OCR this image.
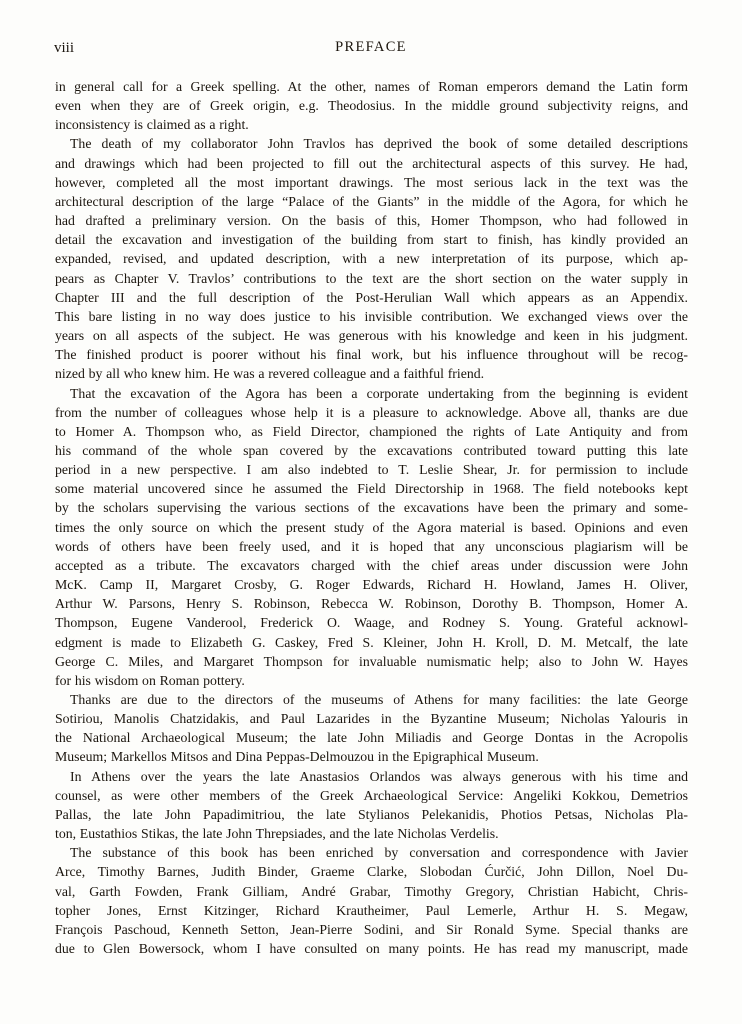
viii	PREFACE
in general call for a Greek spelling. At the other, names of Roman emperors demand the Latin form
even when they are of Greek origin, e.g. Theodosius. In the middle ground subjectivity reigns, and
inconsistency is claimed as a right.
The death of my collaborator John Travlos has deprived the book of some detailed descriptions
and drawings which had been projected to fill out the architectural aspects of this survey. He had,
however, completed all the most important drawings. The most serious lack in the text was the
architectural description of the large “Palace of the Giants” in the middle of the Agora, for which he
had drafted a preliminary version. On the basis of this, Homer Thompson, who had followed in
detail the excavation and investigation of the building from start to finish, has kindly provided an
expanded, revised, and updated description, with a new interpretation of its purpose, which ap-
pears as Chapter V. Travlos’ contributions to the text are the short section on the water supply in
Chapter III and the full description of the Post-Herulian Wall which appears as an Appendix.
This bare listing in no way does justice to his invisible contribution. We exchanged views over the
years on all aspects of the subject. He was generous with his knowledge and keen in his judgment.
The finished product is poorer without his final work, but his influence throughout will be recog-
nized by all who knew him. He was a revered colleague and a faithful friend.
That the excavation of the Agora has been a corporate undertaking from the beginning is evident
from the number of colleagues whose help it is a pleasure to acknowledge. Above all, thanks are due
to Homer A. Thompson who, as Field Director, championed the rights of Late Antiquity and from
his command of the whole span covered by the excavations contributed toward putting this late
period in a new perspective. I am also indebted to T. Leslie Shear, Jr. for permission to include
some material uncovered since he assumed the Field Directorship in 1968. The field notebooks kept
by the scholars supervising the various sections of the excavations have been the primary and some-
times the only source on which the present study of the Agora material is based. Opinions and even
words of others have been freely used, and it is hoped that any unconscious plagiarism will be
accepted as a tribute. The excavators charged with the chief areas under discussion were John
McK. Camp II, Margaret Crosby, G. Roger Edwards, Richard H. Howland, James H. Oliver,
Arthur W. Parsons, Henry S. Robinson, Rebecca W. Robinson, Dorothy B. Thompson, Homer A.
Thompson, Eugene Vanderool, Frederick O. Waage, and Rodney S. Young. Grateful acknowl-
edgment is made to Elizabeth G. Caskey, Fred S. Kleiner, John H. Kroll, D. M. Metcalf, the late
George C. Miles, and Margaret Thompson for invaluable numismatic help; also to John W. Hayes
for his wisdom on Roman pottery.
Thanks are due to the directors of the museums of Athens for many facilities: the late George
Sotiriou, Manolis Chatzidakis, and Paul Lazarides in the Byzantine Museum; Nicholas Yalouris in
the National Archaeological Museum; the late John Miliadis and George Dontas in the Acropolis
Museum; Markellos Mitsos and Dina Peppas-Delmouzou in the Epigraphical Museum.
In Athens over the years the late Anastasios Orlandos was always generous with his time and
counsel, as were other members of the Greek Archaeological Service: Angeliki Kokkou, Demetrios
Pallas, the late John Papadimitriou, the late Stylianos Pelekanidis, Photios Petsas, Nicholas Pla-
ton, Eustathios Stikas, the late John Threpsiades, and the late Nicholas Verdelis.
The substance of this book has been enriched by conversation and correspondence with Javier
Arce, Timothy Barnes, Judith Binder, Graeme Clarke, Slobodan Ćurčić, John Dillon, Noel Du-
val, Garth Fowden, Frank Gilliam, André Grabar, Timothy Gregory, Christian Habicht, Chris-
topher Jones, Ernst Kitzinger, Richard Krautheimer, Paul Lemerle, Arthur H. S. Megaw,
François Paschoud, Kenneth Setton, Jean-Pierre Sodini, and Sir Ronald Syme. Special thanks are
due to Glen Bowersock, whom I have consulted on many points. He has read my manuscript, made
